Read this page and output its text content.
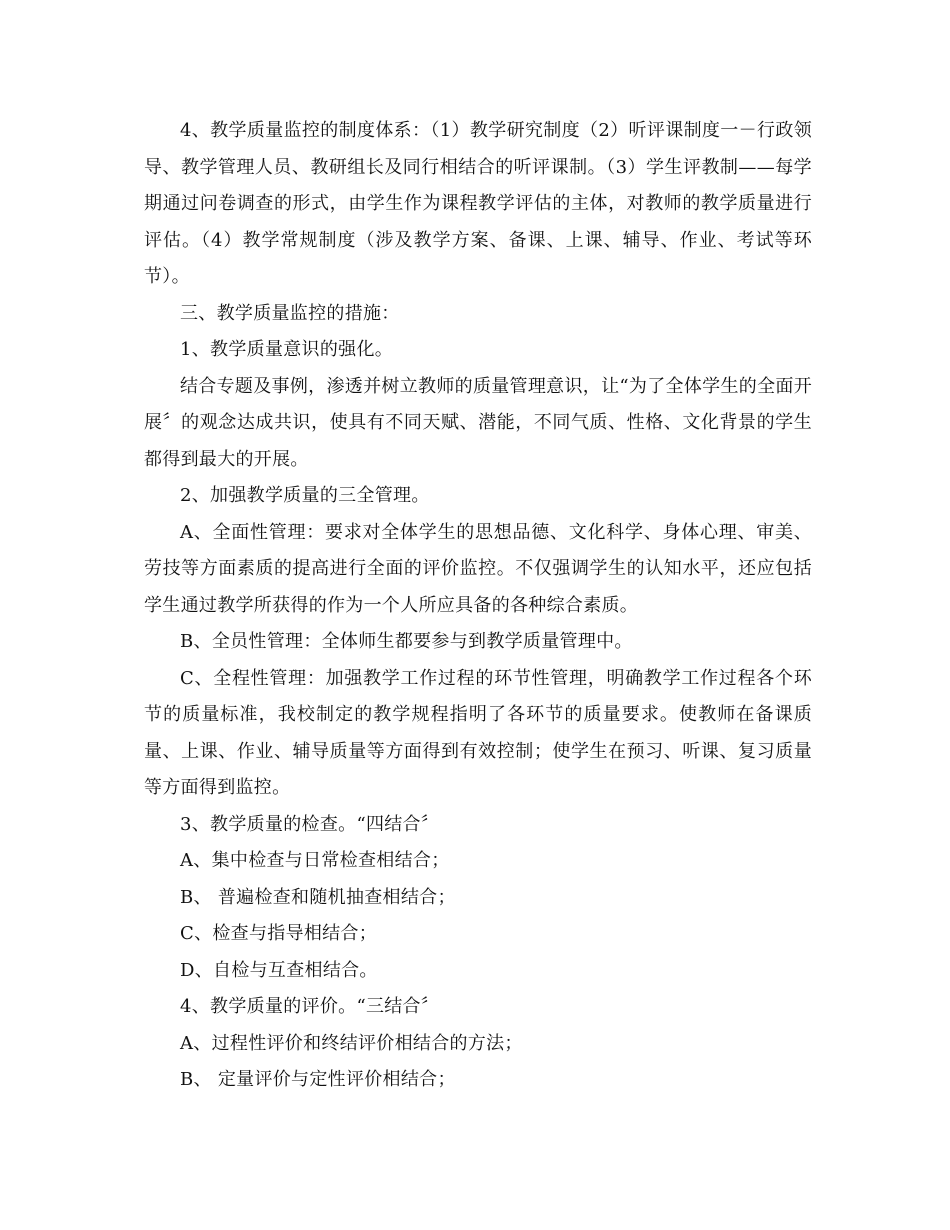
4、教学质量监控的制度体系：（1）教学研究制度（2）听评课制度一－行政领导、教学管理人员、教研组长及同行相结合的听评课制。（3）学生评教制——每学期通过问卷调查的形式，由学生作为课程教学评估的主体，对教师的教学质量进行评估。（4）教学常规制度（涉及教学方案、备课、上课、辅导、作业、考试等环节）。

三、教学质量监控的措施：

1、教学质量意识的强化。

结合专题及事例，渗透并树立教师的质量管理意识，让“为了全体学生的全面开展〞的观念达成共识，使具有不同天赋、潜能，不同气质、性格、文化背景的学生都得到最大的开展。

2、加强教学质量的三全管理。

A、全面性管理：要求对全体学生的思想品德、文化科学、身体心理、审美、劳技等方面素质的提高进行全面的评价监控。不仅强调学生的认知水平，还应包括学生通过教学所获得的作为一个人所应具备的各种综合素质。

B、全员性管理：全体师生都要参与到教学质量管理中。

C、全程性管理：加强教学工作过程的环节性管理，明确教学工作过程各个环节的质量标准，我校制定的教学规程指明了各环节的质量要求。使教师在备课质量、上课、作业、辅导质量等方面得到有效控制；使学生在预习、听课、复习质量等方面得到监控。

3、教学质量的检查。“四结合〞

A、集中检查与日常检查相结合；

B、 普遍检查和随机抽查相结合；

C、检查与指导相结合；

D、自检与互查相结合。

4、教学质量的评价。“三结合〞

A、过程性评价和终结评价相结合的方法；

B、 定量评价与定性评价相结合；
